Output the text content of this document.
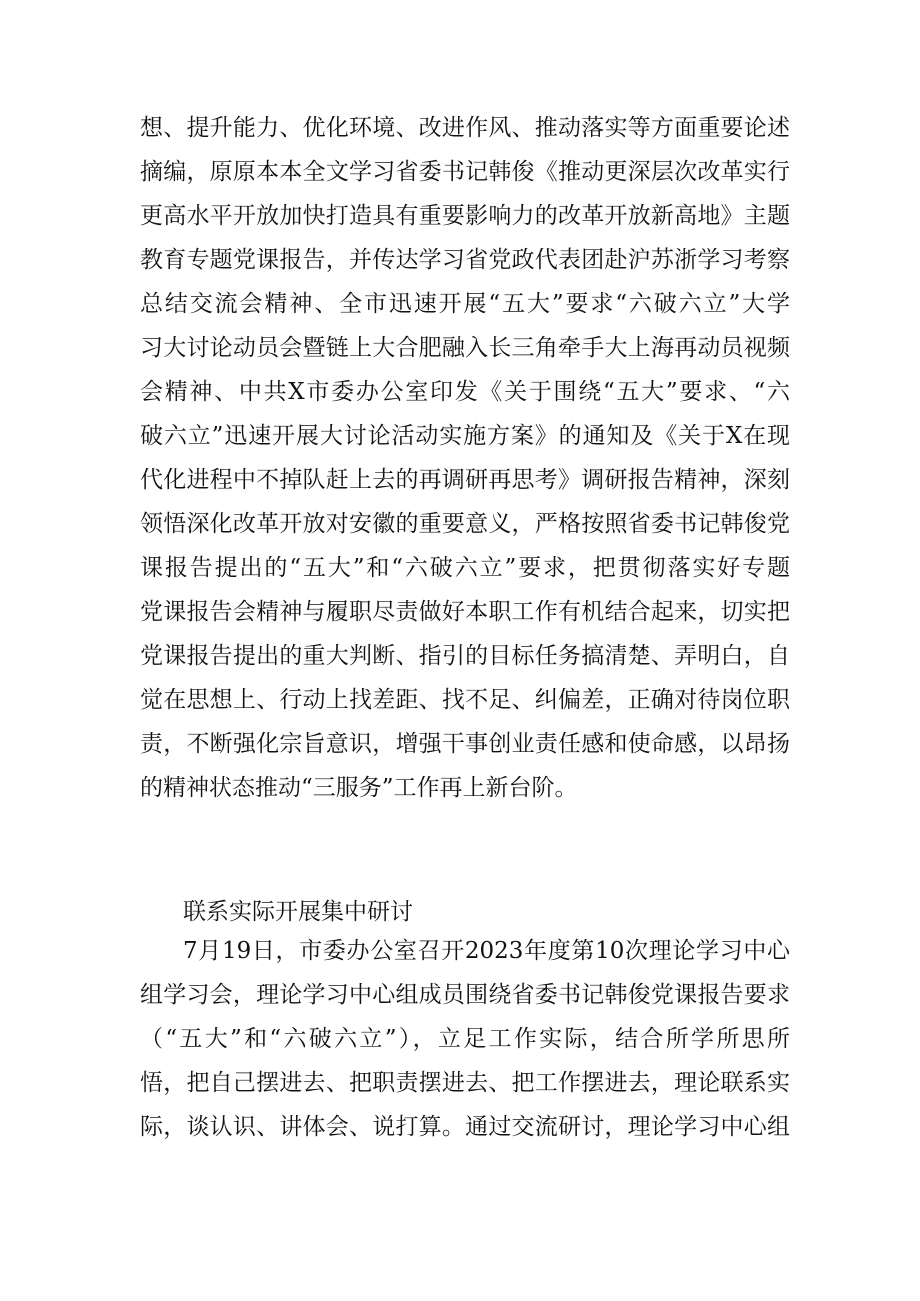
想、提升能力、优化环境、改进作风、推动落实等方面重要论述
摘编，原原本本全文学习省委书记韩俊《推动更深层次改革实行
更高水平开放加快打造具有重要影响力的改革开放新高地》主题
教育专题党课报告，并传达学习省党政代表团赴沪苏浙学习考察
总结交流会精神、全市迅速开展“五大”要求“六破六立”大学
习大讨论动员会暨链上大合肥融入长三角牵手大上海再动员视频
会精神、中共X市委办公室印发《关于围绕“五大”要求、“六
破六立”迅速开展大讨论活动实施方案》的通知及《关于X在现
代化进程中不掉队赶上去的再调研再思考》调研报告精神，深刻
领悟深化改革开放对安徽的重要意义，严格按照省委书记韩俊党
课报告提出的“五大”和“六破六立”要求，把贯彻落实好专题
党课报告会精神与履职尽责做好本职工作有机结合起来，切实把
党课报告提出的重大判断、指引的目标任务搞清楚、弄明白，自
觉在思想上、行动上找差距、找不足、纠偏差，正确对待岗位职
责，不断强化宗旨意识，增强干事创业责任感和使命感，以昂扬
的精神状态推动“三服务”工作再上新台阶。
联系实际开展集中研讨
7月19日，市委办公室召开2023年度第10次理论学习中心
组学习会，理论学习中心组成员围绕省委书记韩俊党课报告要求
（“五大”和“六破六立”），立足工作实际，结合所学所思所
悟，把自己摆进去、把职责摆进去、把工作摆进去，理论联系实
际，谈认识、讲体会、说打算。通过交流研讨，理论学习中心组
